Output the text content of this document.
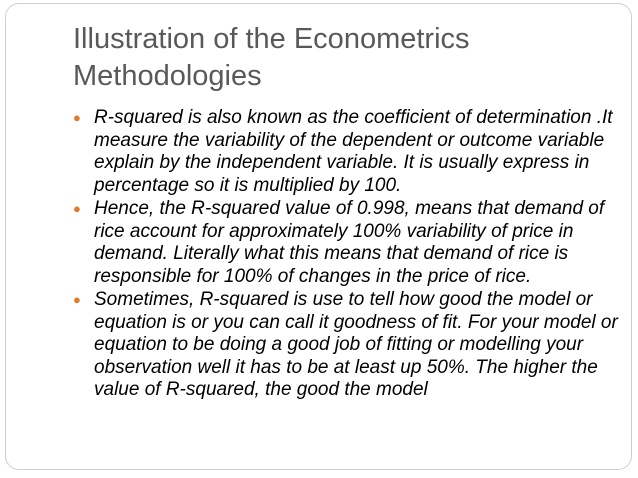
Illustration of the Econometrics Methodologies
● R-squared is also known as the coefficient of determination .It measure the variability of the dependent or outcome variable explain by the independent variable. It is usually express in percentage so it is multiplied by 100.
● Hence, the R-squared value of 0.998, means that demand of rice account for approximately 100% variability of price in demand. Literally what this means that demand of rice is responsible for 100% of changes in the price of rice.
● Sometimes, R-squared is use to tell how good the model or equation is or you can call it goodness of fit. For your model or equation to be doing a good job of fitting or modelling your observation well it has to be at least up 50%. The higher the value of R-squared, the good the model
